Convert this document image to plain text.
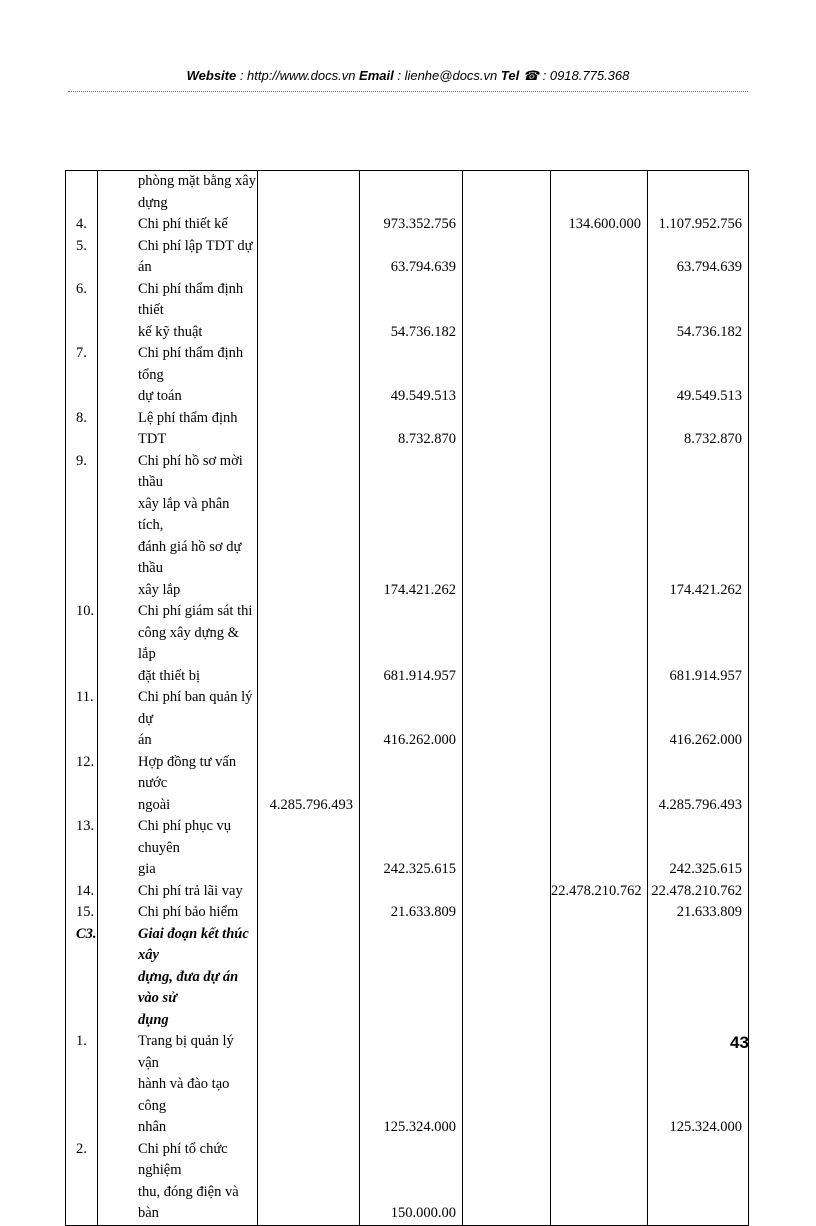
Website : http://www.docs.vn Email : lienhe@docs.vn Tel ☎ : 0918.775.368

	phòng mặt bằng xây
dựng					

4.	Chi phí thiết kế		973.352.756		134.600.000	1.107.952.756
5.	Chi phí lập TDT dự án		63.794.639			63.794.639
6.	Chi phí thẩm định thiết
kế kỹ thuật		54.736.182			54.736.182
7.	Chi phí thẩm định tổng
dự toán		49.549.513			49.549.513
8.	Lệ phí thẩm định TDT		8.732.870			8.732.870
9.	Chi phí hồ sơ mời thầu
xây lắp và phân tích,
đánh giá hồ sơ dự thầu
xây lắp		174.421.262			174.421.262
10.	Chi phí giám sát thi
công xây dựng & lắp
đặt thiết bị		681.914.957			681.914.957
11.	Chi phí ban quản lý dự
án		416.262.000			416.262.000
12.	Hợp đồng tư vấn nước
ngoài	4.285.796.493				4.285.796.493
13.	Chi phí phục vụ chuyên
gia		242.325.615			242.325.615
14.	Chi phí trả lãi vay				22.478.210.762	22.478.210.762
15.	Chi phí bảo hiểm		21.633.809			21.633.809
C3.	Giai đoạn kết thúc xây
dựng, đưa dự án vào sử
dụng					

1.	Trang bị quản lý vận
hành và đào tạo công
nhân		125.324.000			125.324.000
2.	Chi phí tổ chức nghiệm
thu, đóng điện và bàn		150.000.00			
43
